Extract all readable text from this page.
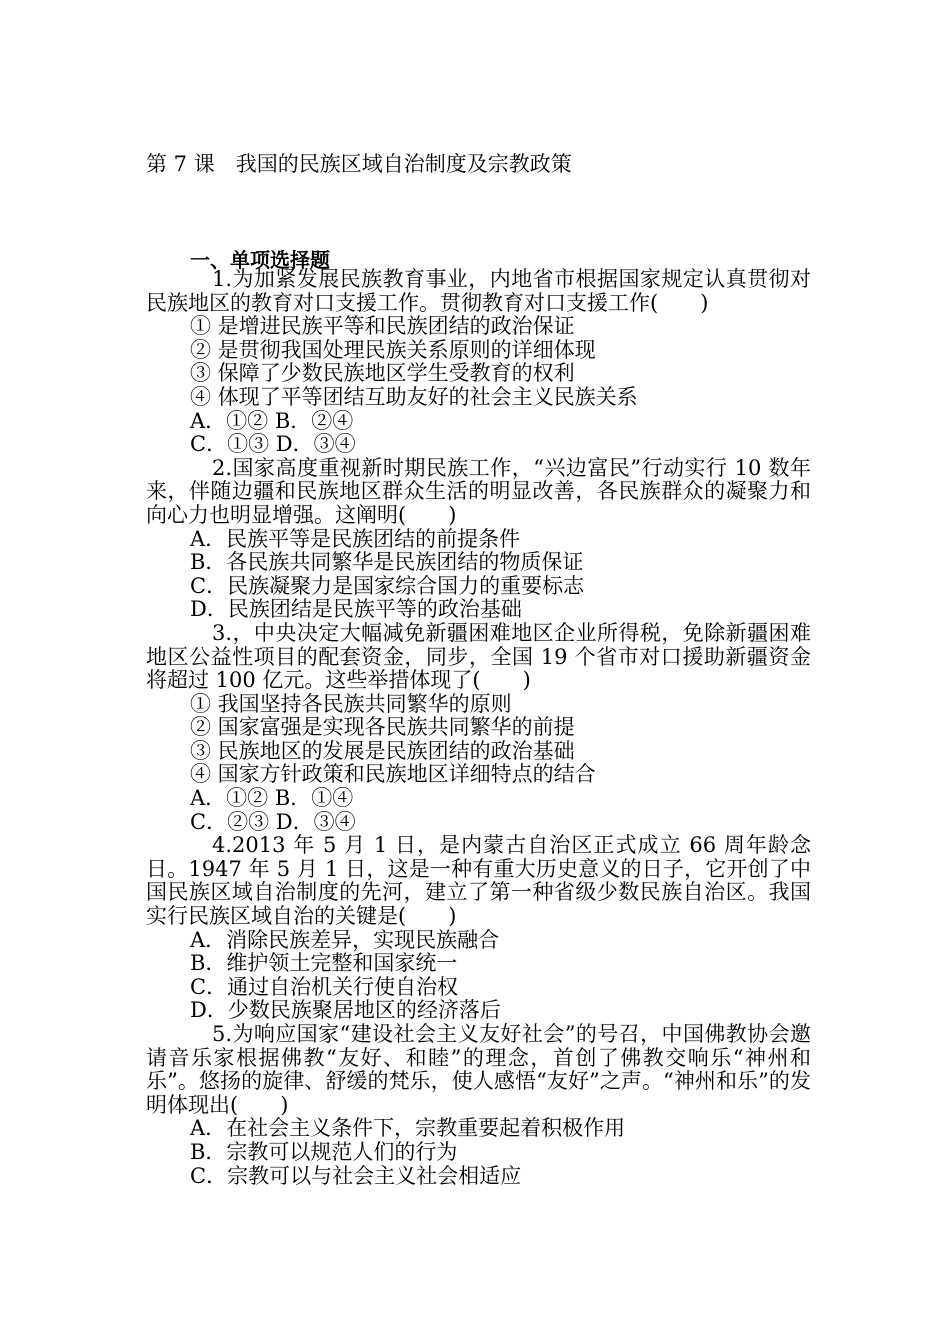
第 7 课　我国的民族区域自治制度及宗教政策
一、单项选择题

1.为加紧发展民族教育事业，内地省市根据国家规定认真贯彻对民族地区的教育对口支援工作。贯彻教育对口支援工作(　　)

① 是增进民族平等和民族团结的政治保证

② 是贯彻我国处理民族关系原则的详细体现

③ 保障了少数民族地区学生受教育的权利

④ 体现了平等团结互助友好的社会主义民族关系

A．①② B．②④

C．①③ D．③④

2.国家高度重视新时期民族工作，“兴边富民”行动实行 10 数年来，伴随边疆和民族地区群众生活的明显改善，各民族群众的凝聚力和向心力也明显增强。这阐明(　　)

A．民族平等是民族团结的前提条件

B．各民族共同繁华是民族团结的物质保证

C．民族凝聚力是国家综合国力的重要标志

D．民族团结是民族平等的政治基础

3.，中央决定大幅减免新疆困难地区企业所得税，免除新疆困难地区公益性项目的配套资金，同步，全国 19 个省市对口援助新疆资金将超过 100 亿元。这些举措体现了(　　)

① 我国坚持各民族共同繁华的原则

② 国家富强是实现各民族共同繁华的前提

③ 民族地区的发展是民族团结的政治基础

④ 国家方针政策和民族地区详细特点的结合

A．①② B．①④

C．②③ D．③④

4.2013 年 5 月 1 日，是内蒙古自治区正式成立 66 周年龄念日。1947 年 5 月 1 日，这是一种有重大历史意义的日子，它开创了中国民族区域自治制度的先河，建立了第一种省级少数民族自治区。我国实行民族区域自治的关键是(　　)

A．消除民族差异，实现民族融合

B．维护领土完整和国家统一

C．通过自治机关行使自治权

D．少数民族聚居地区的经济落后

5.为响应国家“建设社会主义友好社会”的号召，中国佛教协会邀请音乐家根据佛教“友好、和睦”的理念，首创了佛教交响乐“神州和乐”。悠扬的旋律、舒缓的梵乐，使人感悟“友好”之声。“神州和乐”的发明体现出(　　)

A．在社会主义条件下，宗教重要起着积极作用

B．宗教可以规范人们的行为

C．宗教可以与社会主义社会相适应
